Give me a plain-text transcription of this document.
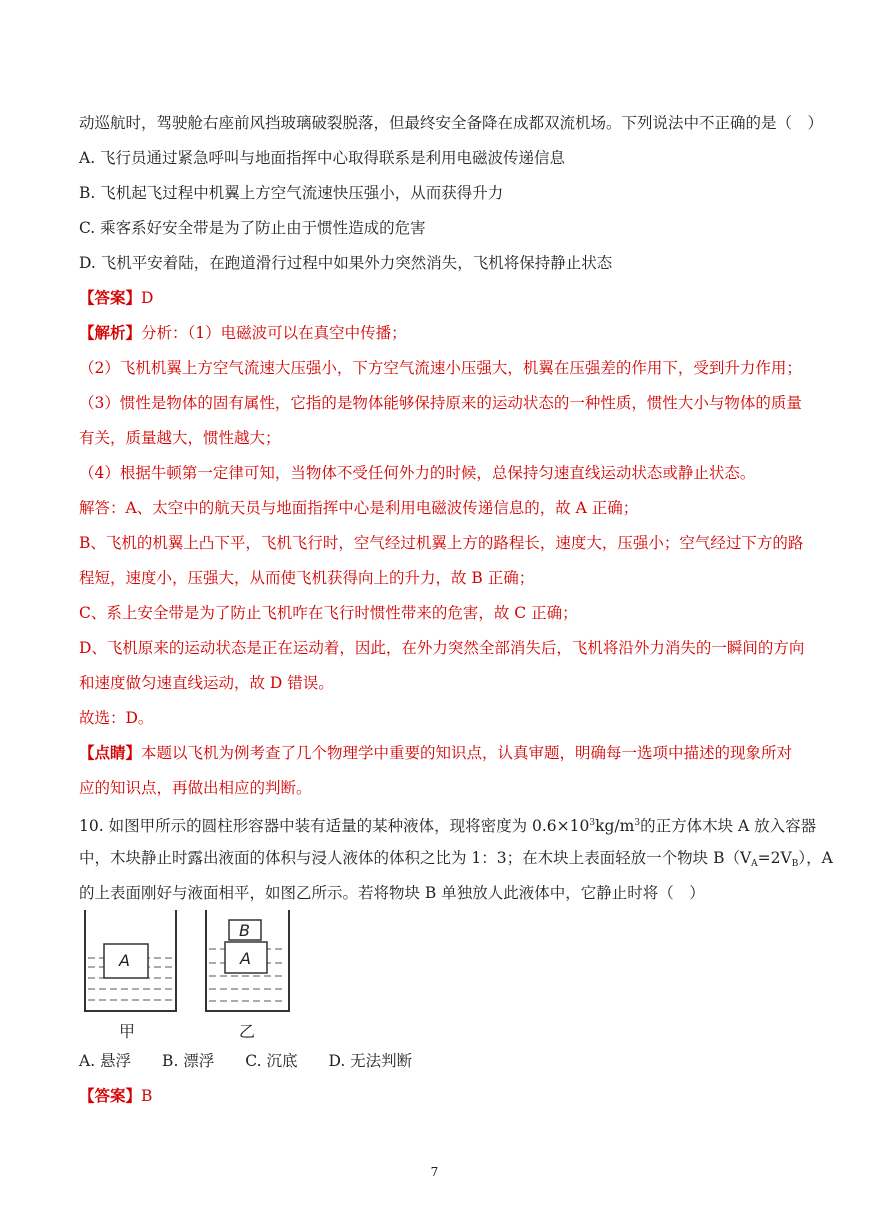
动巡航时，驾驶舱右座前风挡玻璃破裂脱落，但最终安全备降在成都双流机场。下列说法中不正确的是（　）
A. 飞行员通过紧急呼叫与地面指挥中心取得联系是利用电磁波传递信息
B. 飞机起飞过程中机翼上方空气流速快压强小，从而获得升力
C. 乘客系好安全带是为了防止由于惯性造成的危害
D. 飞机平安着陆，在跑道滑行过程中如果外力突然消失，飞机将保持静止状态
【答案】D
【解析】分析：（1）电磁波可以在真空中传播；
（2）飞机机翼上方空气流速大压强小，下方空气流速小压强大，机翼在压强差的作用下，受到升力作用；
（3）惯性是物体的固有属性，它指的是物体能够保持原来的运动状态的一种性质，惯性大小与物体的质量
有关，质量越大，惯性越大；
（4）根据牛顿第一定律可知，当物体不受任何外力的时候，总保持匀速直线运动状态或静止状态。
解答：A、太空中的航天员与地面指挥中心是利用电磁波传递信息的，故 A 正确；
B、飞机的机翼上凸下平，飞机飞行时，空气经过机翼上方的路程长，速度大，压强小；空气经过下方的路
程短，速度小，压强大，从而使飞机获得向上的升力，故 B 正确；
C、系上安全带是为了防止飞机咋在飞行时惯性带来的危害，故 C 正确；
D、飞机原来的运动状态是正在运动着，因此，在外力突然全部消失后，飞机将沿外力消失的一瞬间的方向
和速度做匀速直线运动，故 D 错误。
故选：D。
【点睛】本题以飞机为例考查了几个物理学中重要的知识点，认真审题，明确每一选项中描述的现象所对
应的知识点，再做出相应的判断。
10. 如图甲所示的圆柱形容器中装有适量的某种液体，现将密度为 $0.6\times 10^3kg/m^3$的正方体木块 A 放入容器
中，木块静止时露出液面的体积与浸人液体的体积之比为 1：3；在木块上表面轻放一个物块 $B(V_A=2V_B)$，A
的上表面刚好与液面相平，如图乙所示。若将物块 B 单独放人此液体中，它静止时将（　）
A	A
B
甲	乙
A. 悬浮　　B. 漂浮　　C. 沉底　　D. 无法判断
【答案】B
7
